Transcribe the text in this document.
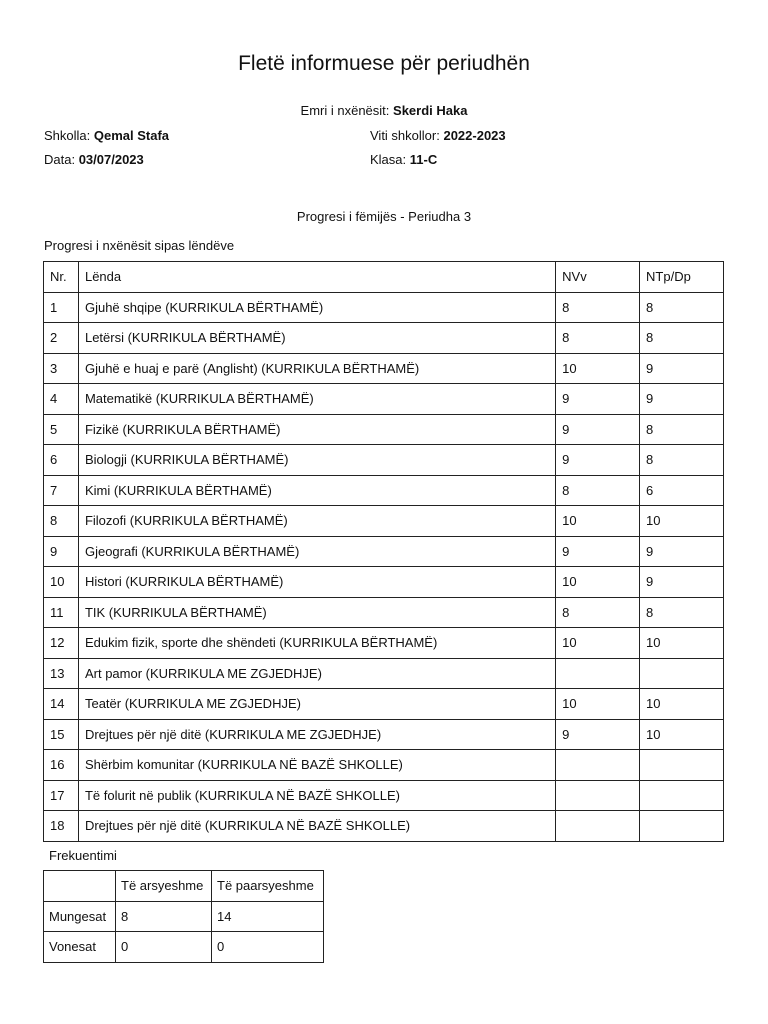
Fletë informuese për periudhën
Emri i nxënësit: Skerdi Haka
Shkolla: Qemal Stafa	Viti shkollor: 2022-2023
Data: 03/07/2023	Klasa: 11-C
Progresi i fëmijës - Periudha 3
Progresi i nxënësit sipas lëndëve
Nr.	Lënda	NVv	NTp/Dp
1	Gjuhë shqipe (KURRIKULA BËRTHAMË)	8	8
2	Letërsi (KURRIKULA BËRTHAMË)	8	8
3	Gjuhë e huaj e parë (Anglisht) (KURRIKULA BËRTHAMË)	10	9
4	Matematikë (KURRIKULA BËRTHAMË)	9	9
5	Fizikë (KURRIKULA BËRTHAMË)	9	8
6	Biologji (KURRIKULA BËRTHAMË)	9	8
7	Kimi (KURRIKULA BËRTHAMË)	8	6
8	Filozofi (KURRIKULA BËRTHAMË)	10	10
9	Gjeografi (KURRIKULA BËRTHAMË)	9	9
10	Histori (KURRIKULA BËRTHAMË)	10	9
11	TIK (KURRIKULA BËRTHAMË)	8	8
12	Edukim fizik, sporte dhe shëndeti (KURRIKULA BËRTHAMË)	10	10
13	Art pamor (KURRIKULA ME ZGJEDHJE)		
14	Teatër (KURRIKULA ME ZGJEDHJE)	10	10
15	Drejtues për një ditë (KURRIKULA ME ZGJEDHJE)	9	10
16	Shërbim komunitar (KURRIKULA NË BAZË SHKOLLE)		
17	Të folurit në publik (KURRIKULA NË BAZË SHKOLLE)		
18	Drejtues për një ditë (KURRIKULA NË BAZË SHKOLLE)		
Frekuentimi
	Të arsyeshme	Të paarsyeshme
Mungesat	8	14
Vonesat	0	0
